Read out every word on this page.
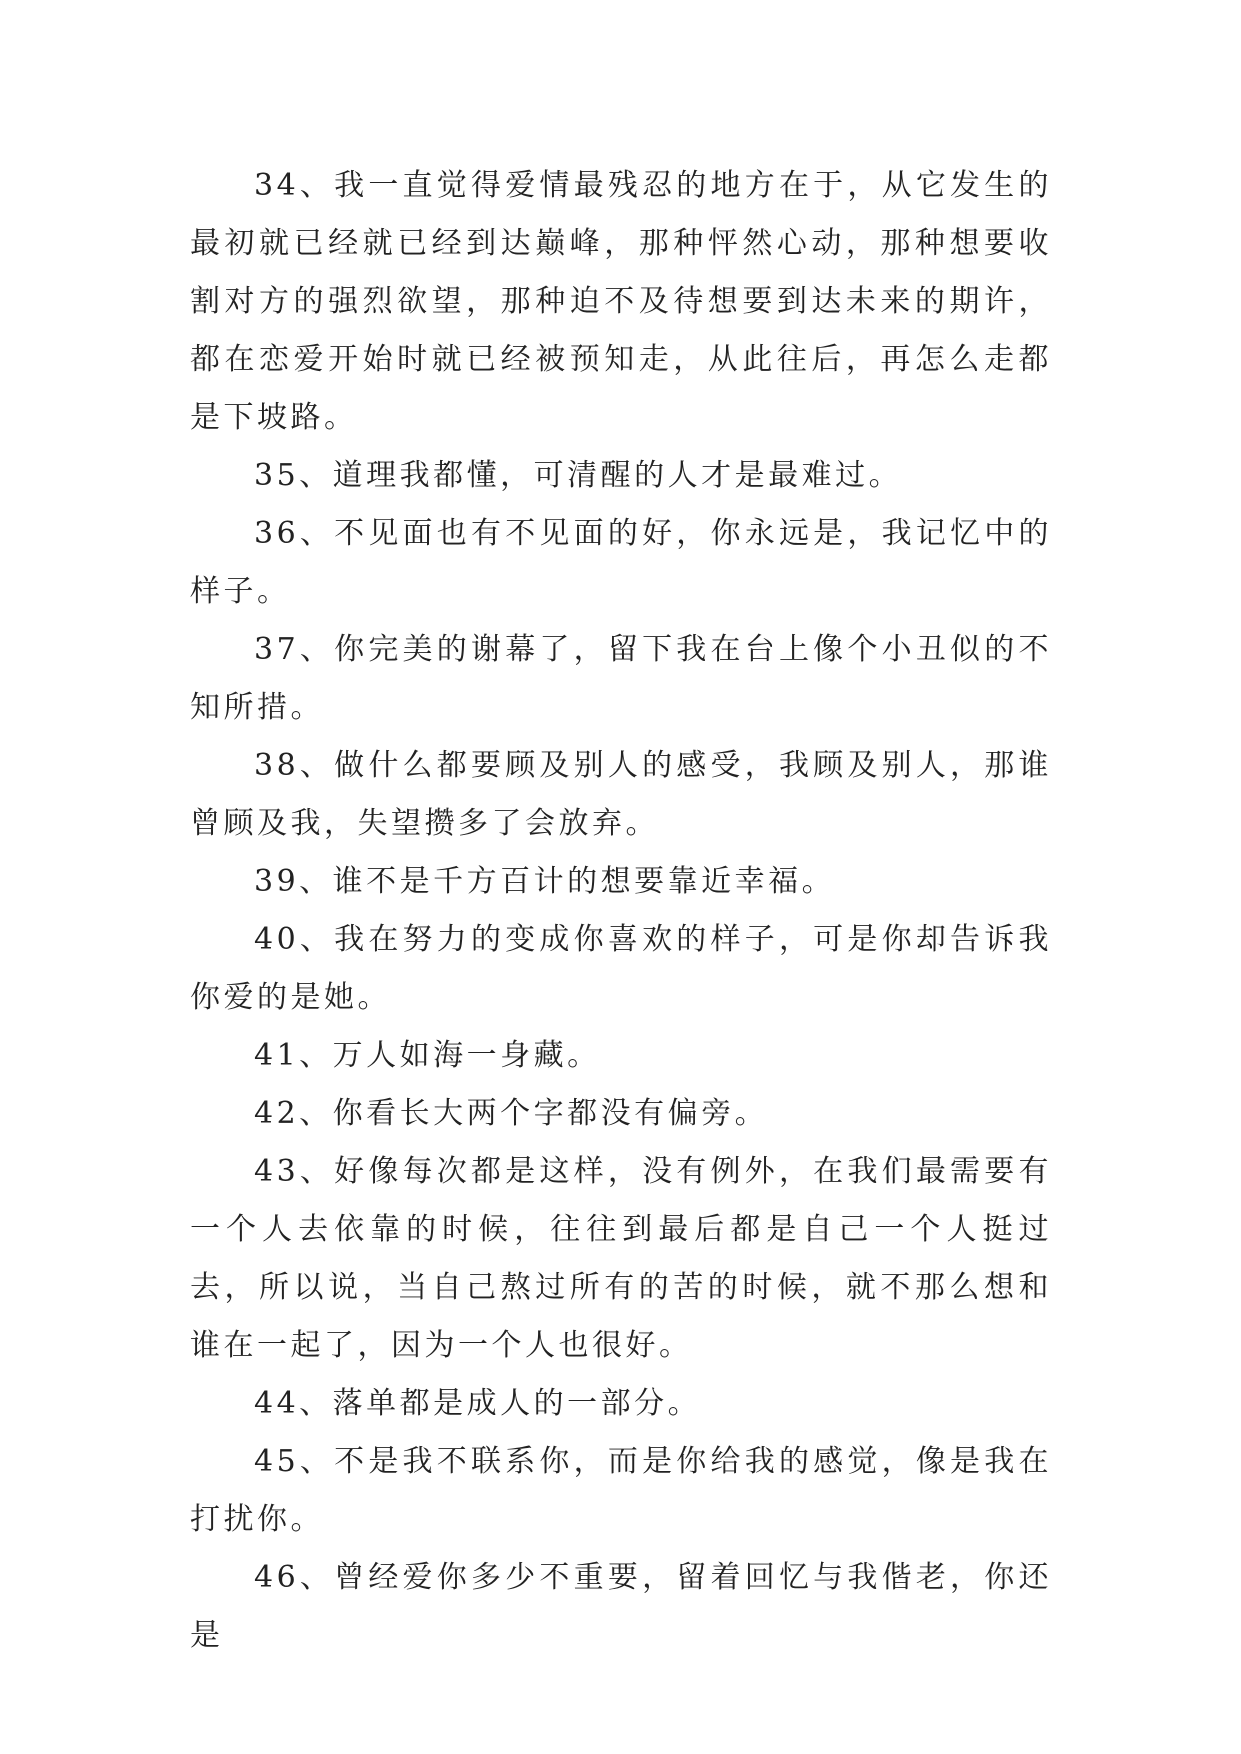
34、我一直觉得爱情最残忍的地方在于，从它发生的最初就已经就已经到达巅峰，那种怦然心动，那种想要收割对方的强烈欲望，那种迫不及待想要到达未来的期许，都在恋爱开始时就已经被预知走，从此往后，再怎么走都是下坡路。

35、道理我都懂，可清醒的人才是最难过。

36、不见面也有不见面的好，你永远是，我记忆中的样子。

37、你完美的谢幕了，留下我在台上像个小丑似的不知所措。

38、做什么都要顾及别人的感受，我顾及别人，那谁曾顾及我，失望攒多了会放弃。

39、谁不是千方百计的想要靠近幸福。

40、我在努力的变成你喜欢的样子，可是你却告诉我你爱的是她。

41、万人如海一身藏。

42、你看长大两个字都没有偏旁。

43、好像每次都是这样，没有例外，在我们最需要有一个人去依靠的时候，往往到最后都是自己一个人挺过去，所以说，当自己熬过所有的苦的时候，就不那么想和谁在一起了，因为一个人也很好。

44、落单都是成人的一部分。

45、不是我不联系你，而是你给我的感觉，像是我在打扰你。

46、曾经爱你多少不重要，留着回忆与我偕老，你还是
